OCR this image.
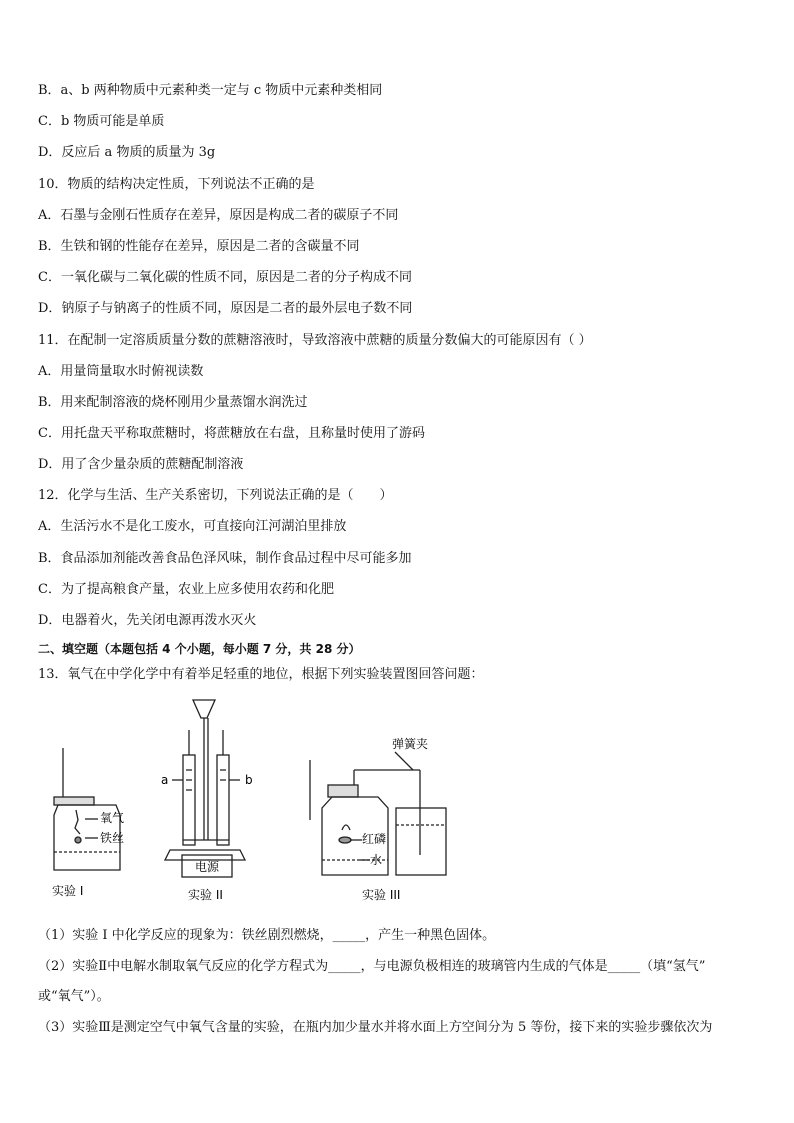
B．a、b 两种物质中元素种类一定与 c 物质中元素种类相同
C．b 物质可能是单质
D．反应后 a 物质的质量为 3g
10．物质的结构决定性质，下列说法不正确的是
A．石墨与金刚石性质存在差异，原因是构成二者的碳原子不同
B．生铁和钢的性能存在差异，原因是二者的含碳量不同
C．一氧化碳与二氧化碳的性质不同，原因是二者的分子构成不同
D．钠原子与钠离子的性质不同，原因是二者的最外层电子数不同
11．在配制一定溶质质量分数的蔗糖溶液时，导致溶液中蔗糖的质量分数偏大的可能原因有（ ）
A．用量筒量取水时俯视读数
B．用来配制溶液的烧杯刚用少量蒸馏水润洗过
C．用托盘天平称取蔗糖时，将蔗糖放在右盘，且称量时使用了游码
D．用了含少量杂质的蔗糖配制溶液
12．化学与生活、生产关系密切，下列说法正确的是（　　）
A．生活污水不是化工废水，可直接向江河湖泊里排放
B．食品添加剂能改善食品色泽风味，制作食品过程中尽可能多加
C．为了提高粮食产量，农业上应多使用农药和化肥
D．电器着火，先关闭电源再泼水灭火
二、填空题（本题包括 4 个小题，每小题 7 分，共 28 分）
13．氧气在中学化学中有着举足轻重的地位，根据下列实验装置图回答问题：
氧气
铁丝
实验 I
a	b
电源
实验 II
弹簧夹
红磷
水
实验 III
（1）实验 I 中化学反应的现象为：铁丝剧烈燃烧，_____，产生一种黑色固体。
（2）实验Ⅱ中电解水制取氧气反应的化学方程式为_____，与电源负极相连的玻璃管内生成的气体是_____（填“氢气”
或“氧气”）。
（3）实验Ⅲ是测定空气中氧气含量的实验，在瓶内加少量水并将水面上方空间分为 5 等份，接下来的实验步骤依次为
